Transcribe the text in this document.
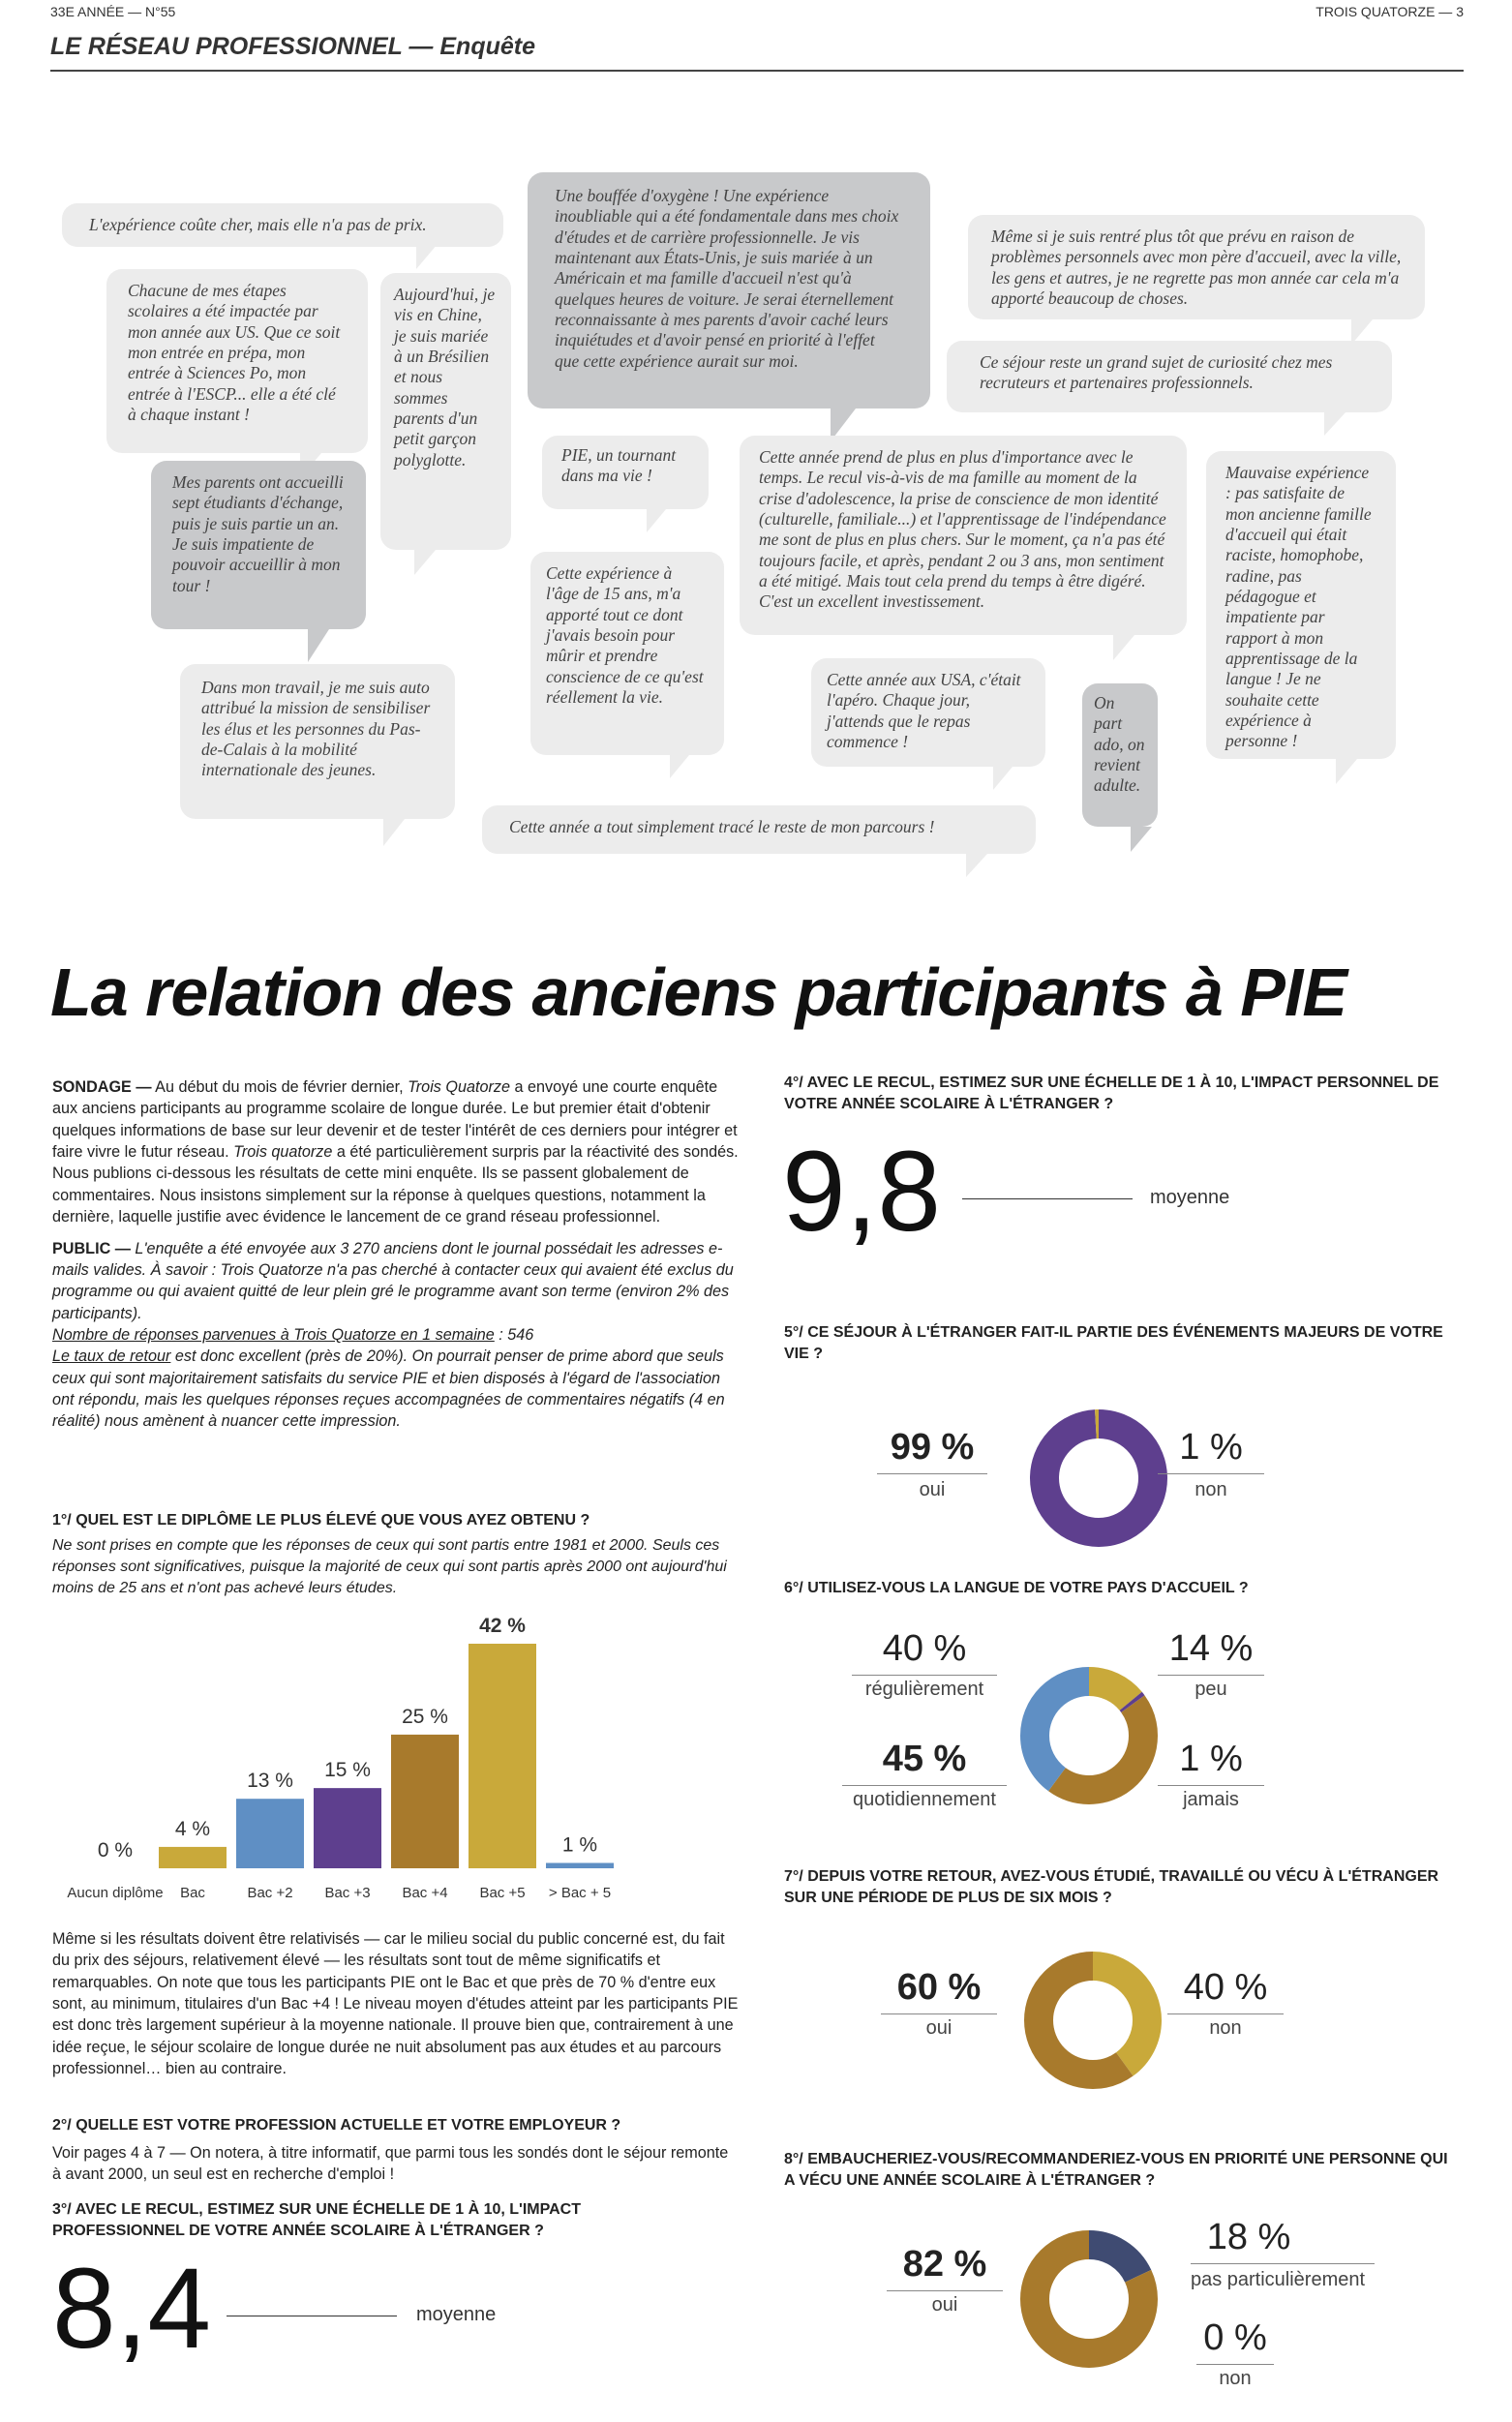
33E ANNÉE — N°55	TROIS QUATORZE — 3
LE RÉSEAU PROFESSIONNEL — Enquête
L'expérience coûte cher, mais elle n'a pas de prix.
Chacune de mes étapes scolaires a été impactée par mon année aux US. Que ce soit mon entrée en prépa, mon entrée à Sciences Po, mon entrée à l'ESCP... elle a été clé à chaque instant !
Aujourd'hui, je vis en Chine, je suis mariée à un Brésilien et nous sommes parents d'un petit garçon polyglotte.
Une bouffée d'oxygène ! Une expérience inoubliable qui a été fondamentale dans mes choix d'études et de carrière professionnelle. Je vis maintenant aux États-Unis, je suis mariée à un Américain et ma famille d'accueil n'est qu'à quelques heures de voiture. Je serai éternellement reconnaissante à mes parents d'avoir caché leurs inquiétudes et d'avoir pensé en priorité à l'effet que cette expérience aurait sur moi.
Même si je suis rentré plus tôt que prévu en raison de problèmes personnels avec mon père d'accueil, avec la ville, les gens et autres, je ne regrette pas mon année car cela m'a apporté beaucoup de choses.
Ce séjour reste un grand sujet de curiosité chez mes recruteurs et partenaires professionnels.
Mes parents ont accueilli sept étudiants d'échange, puis je suis partie un an. Je suis impatiente de pouvoir accueillir à mon tour !
PIE, un tournant dans ma vie !
Cette année prend de plus en plus d'importance avec le temps. Le recul vis-à-vis de ma famille au moment de la crise d'adolescence, la prise de conscience de mon identité (culturelle, familiale...) et l'apprentissage de l'indépendance me sont de plus en plus chers. Sur le moment, ça n'a pas été toujours facile, et après, pendant 2 ou 3 ans, mon sentiment a été mitigé. Mais tout cela prend du temps à être digéré. C'est un excellent investissement.
Mauvaise expérience : pas satisfaite de mon ancienne famille d'accueil qui était raciste, homophobe, radine, pas pédagogue et impatiente par rapport à mon apprentissage de la langue ! Je ne souhaite cette expérience à personne !
Cette expérience à l'âge de 15 ans, m'a apporté tout ce dont j'avais besoin pour mûrir et prendre conscience de ce qu'est réellement la vie.
Dans mon travail, je me suis auto attribué la mission de sensibiliser les élus et les personnes du Pas-de-Calais à la mobilité internationale des jeunes.
Cette année aux USA, c'était l'apéro. Chaque jour, j'attends que le repas commence !
On part ado, on revient adulte.
Cette année a tout simplement tracé le reste de mon parcours !
La relation des anciens participants à PIE

SONDAGE — Au début du mois de février dernier, Trois Quatorze a envoyé une courte enquête aux anciens participants au programme scolaire de longue durée. Le but premier était d'obtenir quelques informations de base sur leur devenir et de tester l'intérêt de ces derniers pour intégrer et faire vivre le futur réseau. Trois quatorze a été particulièrement surpris par la réactivité des sondés. Nous publions ci-dessous les résultats de cette mini enquête. Ils se passent globalement de commentaires. Nous insistons simplement sur la réponse à quelques questions, notamment la dernière, laquelle justifie avec évidence le lancement de ce grand réseau professionnel.

PUBLIC — L'enquête a été envoyée aux 3 270 anciens dont le journal possédait les adresses e-mails valides. À savoir : Trois Quatorze n'a pas cherché à contacter ceux qui avaient été exclus du programme ou qui avaient quitté de leur plein gré le programme avant son terme (environ 2% des participants).
Nombre de réponses parvenues à Trois Quatorze en 1 semaine : 546
Le taux de retour est donc excellent (près de 20%). On pourrait penser de prime abord que seuls ceux qui sont majoritairement satisfaits du service PIE et bien disposés à l'égard de l'association ont répondu, mais les quelques réponses reçues accompagnées de commentaires négatifs (4 en réalité) nous amènent à nuancer cette impression.

1°/ QUEL EST LE DIPLÔME LE PLUS ÉLEVÉ QUE VOUS AYEZ OBTENU ?
Ne sont prises en compte que les réponses de ceux qui sont partis entre 1981 et 2000. Seuls ces réponses sont significatives, puisque la majorité de ceux qui sont partis après 2000 ont aujourd'hui moins de 25 ans et n'ont pas achevé leurs études.
0 %
Aucun diplôme
4 %
Bac
13 %
Bac +2
15 %
Bac +3
25 %
Bac +4
42 %
Bac +5
1 %
> Bac + 5
Même si les résultats doivent être relativisés — car le milieu social du public concerné est, du fait du prix des séjours, relativement élevé — les résultats sont tout de même significatifs et remarquables. On note que tous les participants PIE ont le Bac et que près de 70 % d'entre eux sont, au minimum, titulaires d'un Bac +4 ! Le niveau moyen d'études atteint par les participants PIE est donc très largement supérieur à la moyenne nationale. Il prouve bien que, contrairement à une idée reçue, le séjour scolaire de longue durée ne nuit absolument pas aux études et au parcours professionnel… bien au contraire.
2°/ QUELLE EST VOTRE PROFESSION ACTUELLE ET VOTRE EMPLOYEUR ?
Voir pages 4 à 7 — On notera, à titre informatif, que parmi tous les sondés dont le séjour remonte à avant 2000, un seul est en recherche d'emploi !
3°/ AVEC LE RECUL, ESTIMEZ SUR UNE ÉCHELLE DE 1 À 10, L'IMPACT PROFESSIONNEL DE VOTRE ANNÉE SCOLAIRE À L'ÉTRANGER ?
8,4	moyenne
4°/ AVEC LE RECUL, ESTIMEZ SUR UNE ÉCHELLE DE 1 À 10, L'IMPACT PERSONNEL DE VOTRE ANNÉE SCOLAIRE À L'ÉTRANGER ?
9,8	moyenne
5°/ CE SÉJOUR À L'ÉTRANGER FAIT-IL PARTIE DES ÉVÉNEMENTS MAJEURS DE VOTRE VIE ?
99 %
oui
1 %
non
6°/ UTILISEZ-VOUS LA LANGUE DE VOTRE PAYS D'ACCUEIL ?
40 %
régulièrement
45 %
quotidiennement
14 %
peu
1 %
jamais
7°/ DEPUIS VOTRE RETOUR, AVEZ-VOUS ÉTUDIÉ, TRAVAILLÉ OU VÉCU À L'ÉTRANGER SUR UNE PÉRIODE DE PLUS DE SIX MOIS ?
60 %
oui
40 %
non
8°/ EMBAUCHERIEZ-VOUS/RECOMMANDERIEZ-VOUS EN PRIORITÉ UNE PERSONNE QUI A VÉCU UNE ANNÉE SCOLAIRE À L'ÉTRANGER ?
82 %
oui
18 %
pas particulièrement
0 %
non
